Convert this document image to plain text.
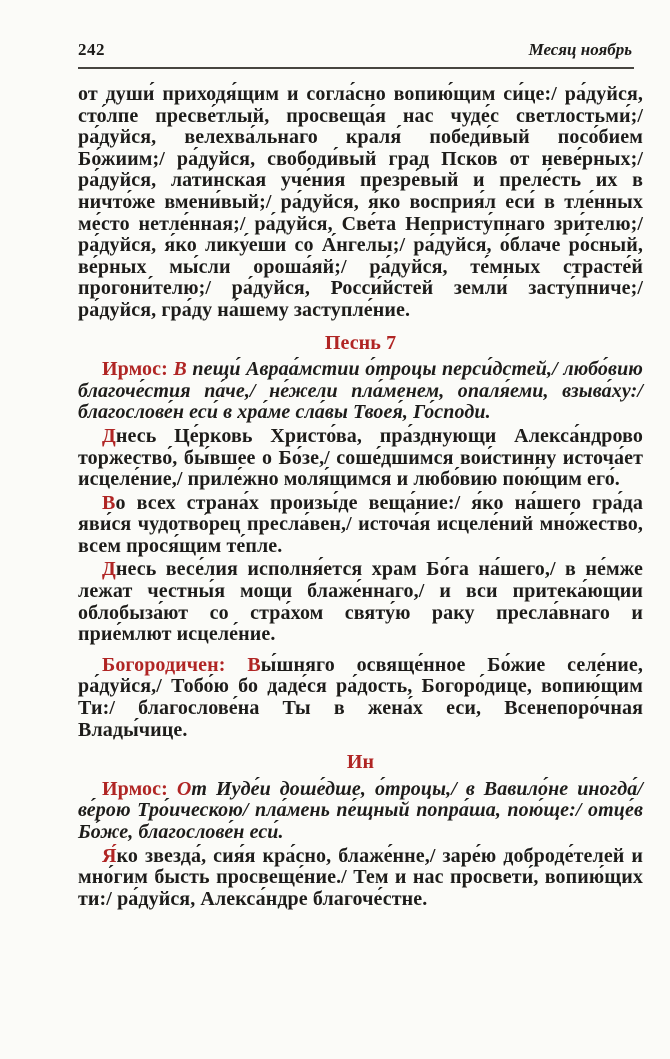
242	Месяц ноябрь

от души́ приходя́щим и согла́сно вопию́щим си́це:/ ра́дуйся, сто́лпе пресве́тлый, просвеща́я нас чуде́с светлостьми́;/ ра́дуйся, велехва́льнаго краля́ победи́вый посо́бием Бо́жиим;/ ра́дуйся, свободи́вый град Псков от неве́рных;/ ра́дуйся, лати́нская уче́ния презре́вый и преле́сть их в ничто́же вмени́вый;/ ра́дуйся, я́ко восприя́л еси́ в тле́нных ме́сто нетле́нная;/ ра́дуйся, Све́та Непристу́пнаго зри́телю;/ ра́дуйся, я́ко лику́еши со А́нгелы;/ ра́дуйся, о́блаче ро́сный, ве́рных мы́сли ороша́яй;/ ра́дуйся, те́мных страсте́й прогони́телю;/ ра́дуйся, Росси́йстей земли́ засту́пниче;/ ра́дуйся, гра́ду на́шему заступле́ние.

Песнь 7

Ирмос: В пещи́ Авраа́мстии о́троцы перси́дстей,/ любо́вию благоче́стия па́че,/ не́жели пла́менем, опаля́еми, взыва́ху:/ благослове́н еси́ в хра́ме сла́вы Твоея́, Го́споди.

Днесь Це́рковь Христо́ва, пра́зднующи Алекса́ндрово торжество́, бы́вшее о Бо́зе,/ соше́дшимся вои́стинну источа́ет исцеле́ние,/ приле́жно моля́щимся и любо́вию пою́щим его́.

Во всех страна́х произы́де веща́ние:/ я́ко на́шего гра́да яви́ся чудотво́рец пресла́вен,/ источа́я исцеле́ний мно́жество, всем прося́щим те́пле.

Днесь весе́лия исполня́ется храм Бо́га на́шего,/ в не́мже лежат честны́я мощи блаже́ннаго,/ и вси притека́ющии облобыза́ют со стра́хом святу́ю раку пресла́внаго и прие́млют исцеле́ние.

Богородичен: Вы́шняго освяще́нное Бо́жие селе́ние, ра́дуйся,/ Тобо́ю бо даде́ся ра́дость, Богоро́дице, вопию́щим Ти:/ благослове́на Ты в жена́х еси, Всенепоро́чная Влады́чице.

Ин

Ирмос: От Иуде́и доше́дше, о́троцы,/ в Вавило́не иногда́/ ве́рою Тро́ическою/ пла́мень пе́щный попра́ша, пою́ще:/ отце́в Бо́же, благослове́н еси́.

Я́ко звезда́, сия́я кра́сно, блаже́нне,/ заре́ю доброде́телей и мно́гим бысть просвеще́ние./ Тем и нас просвети́, вопию́щих ти:/ ра́дуйся, Алекса́ндре благоче́стне.
